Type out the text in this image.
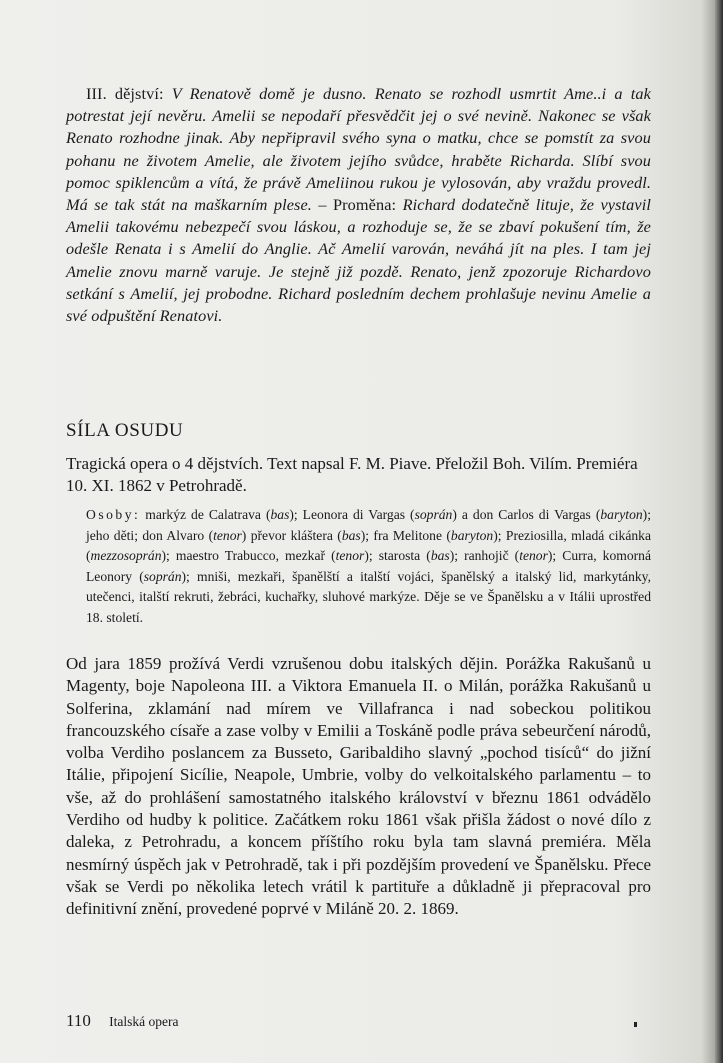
III. dějství: V Renatově domě je dusno. Renato se rozhodl usmrtit Ame..i a tak potrestat její nevěru. Amelii se nepodaří přesvědčit jej o své nevině. Nakonec se však Renato rozhodne jinak. Aby nepřipravil svého syna o matku, chce se pomstít za svou pohanu ne životem Amelie, ale životem jejího svůdce, hraběte Richarda. Slíbí svou pomoc spiklencům a vítá, že právě Ameliinou rukou je vylosován, aby vraždu provedl. Má se tak stát na maškarním plese. – Proměna: Richard dodatečně lituje, že vystavil Amelii takovému nebezpečí svou láskou, a rozhoduje se, že se zbaví pokušení tím, že odešle Renata i s Amelií do Anglie. Ač Amelií varován, neváhá jít na ples. I tam jej Amelie znovu marně varuje. Je stejně již pozdě. Renato, jenž zpozoruje Richardovo setkání s Amelií, jej probodne. Richard posledním dechem prohlašuje nevinu Amelie a své odpuštění Renatovi.
SÍLA OSUDU
Tragická opera o 4 dějstvích. Text napsal F. M. Piave. Přeložil Boh. Vilím. Premiéra 10. XI. 1862 v Petrohradě.
Osoby: markýz de Calatrava (bas); Leonora di Vargas (soprán) a don Carlos di Vargas (baryton); jeho děti; don Alvaro (tenor) převor kláštera (bas); fra Melitone (baryton); Preziosilla, mladá cikánka (mezzosoprán); maestro Trabucco, mezkař (tenor); starosta (bas); ranhojič (tenor); Curra, komorná Leonory (soprán); mniši, mezkaři, španělští a italští vojáci, španělský a italský lid, markytánky, utečenci, italští rekruti, žebráci, kuchařky, sluhové markýze. Děje se ve Španělsku a v Itálii uprostřed 18. století.
Od jara 1859 prožívá Verdi vzrušenou dobu italských dějin. Porážka Rakušanů u Magenty, boje Napoleona III. a Viktora Emanuela II. o Milán, porážka Rakušanů u Solferina, zklamání nad mírem ve Villafranca i nad sobeckou politikou francouzského císaře a zase volby v Emilii a Toskáně podle práva sebeurčení národů, volba Verdiho poslancem za Busseto, Garibaldiho slavný „pochod tisíců“ do jižní Itálie, připojení Sicílie, Neapole, Umbrie, volby do velkoitalského parlamentu – to vše, až do prohlášení samostatného italského království v březnu 1861 odvádělo Verdiho od hudby k politice. Začátkem roku 1861 však přišla žádost o nové dílo z daleka, z Petrohradu, a koncem příštího roku byla tam slavná premiéra. Měla nesmírný úspěch jak v Petrohradě, tak i při pozdějším provedení ve Španělsku. Přece však se Verdi po několika letech vrátil k partituře a důkladně ji přepracoval pro definitivní znění, provedené poprvé v Miláně 20. 2. 1869.
110 Italská opera
